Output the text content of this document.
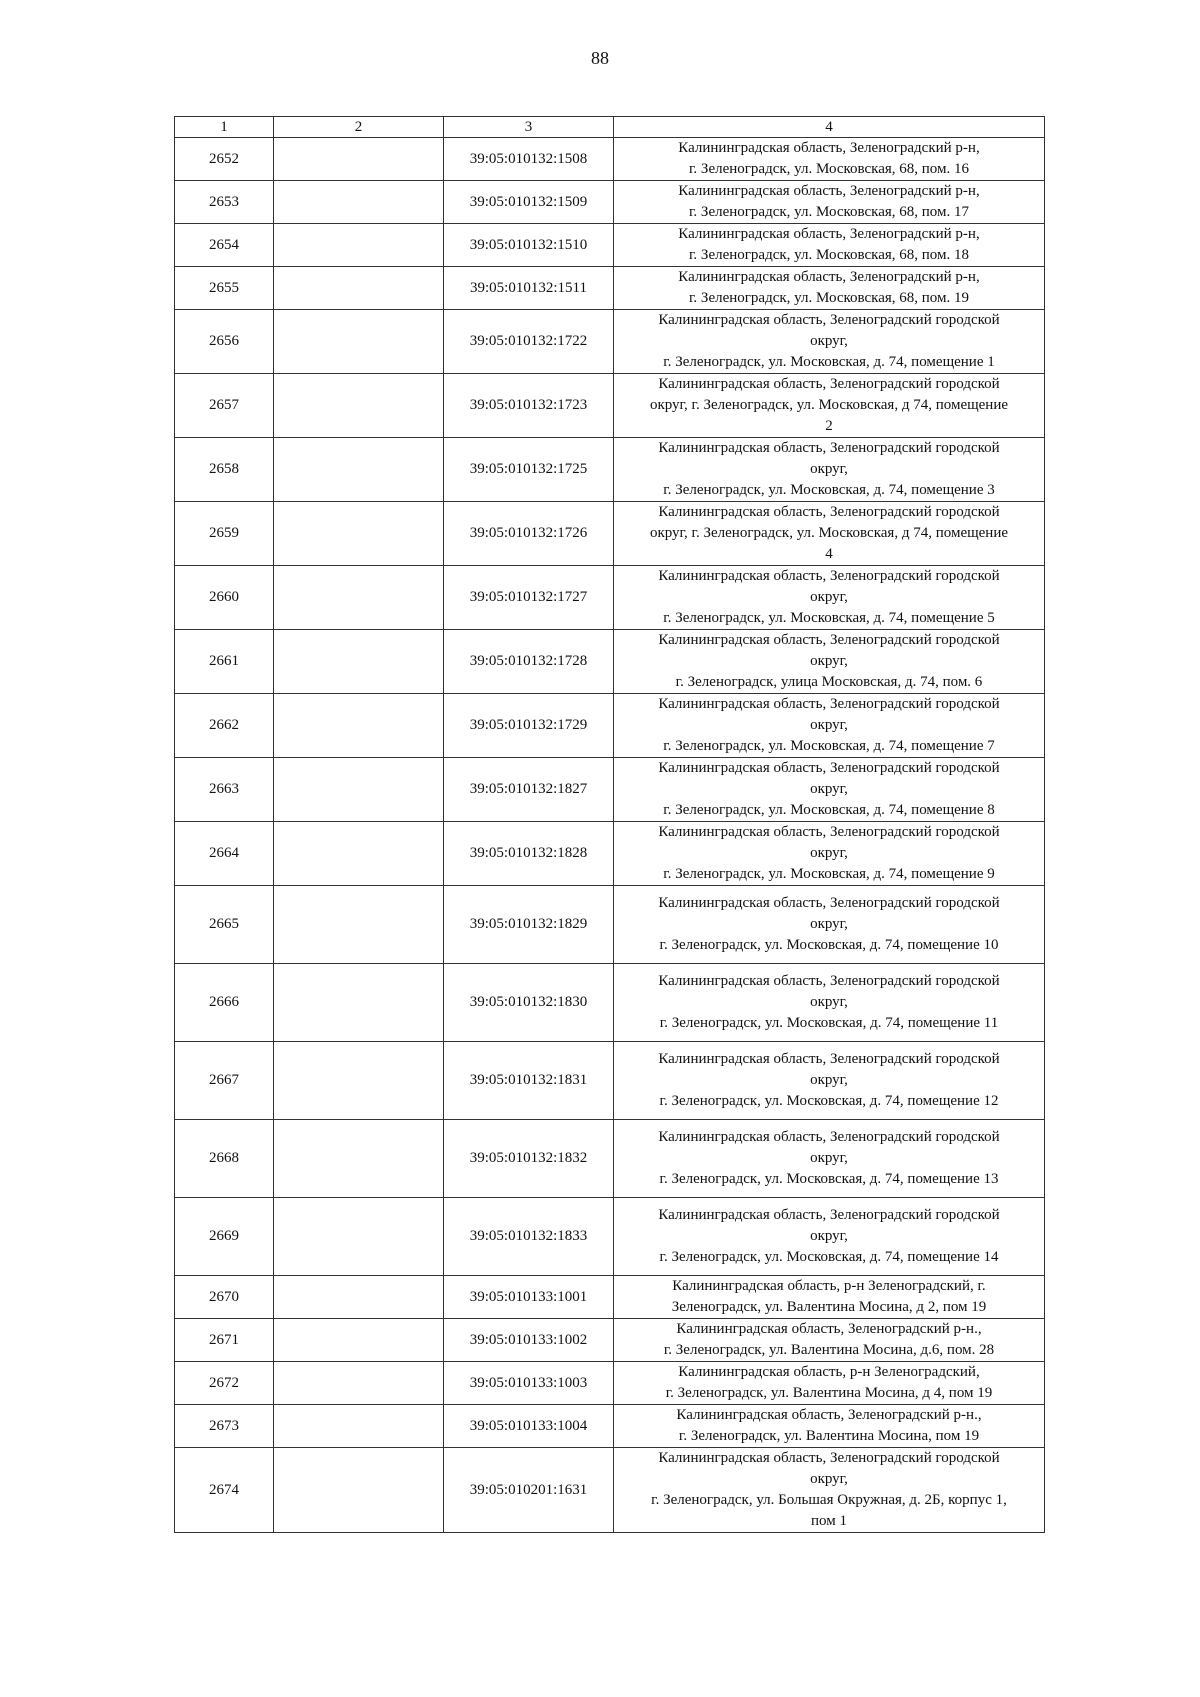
88
1	2	3	4
2652		39:05:010132:1508	Калининградская область, Зеленоградский р-н,
г. Зеленоградск, ул. Московская, 68, пом. 16

2653		39:05:010132:1509	Калининградская область, Зеленоградский р-н,
г. Зеленоградск, ул. Московская, 68, пом. 17

2654		39:05:010132:1510	Калининградская область, Зеленоградский р-н,
г. Зеленоградск, ул. Московская, 68, пом. 18

2655		39:05:010132:1511	Калининградская область, Зеленоградский р-н,
г. Зеленоградск, ул. Московская, 68, пом. 19

2656		39:05:010132:1722	Калининградская область, Зеленоградский городской
округ,
г. Зеленоградск, ул. Московская, д. 74, помещение 1

2657		39:05:010132:1723	Калининградская область, Зеленоградский городской
округ, г. Зеленоградск, ул. Московская, д 74, помещение
2

2658		39:05:010132:1725	Калининградская область, Зеленоградский городской
округ,
г. Зеленоградск, ул. Московская, д. 74, помещение 3

2659		39:05:010132:1726	Калининградская область, Зеленоградский городской
округ, г. Зеленоградск, ул. Московская, д 74, помещение
4

2660		39:05:010132:1727	Калининградская область, Зеленоградский городской
округ,
г. Зеленоградск, ул. Московская, д. 74, помещение 5

2661		39:05:010132:1728	Калининградская область, Зеленоградский городской
округ,
г. Зеленоградск, улица Московская, д. 74, пом. 6

2662		39:05:010132:1729	Калининградская область, Зеленоградский городской
округ,
г. Зеленоградск, ул. Московская, д. 74, помещение 7

2663		39:05:010132:1827	Калининградская область, Зеленоградский городской
округ,
г. Зеленоградск, ул. Московская, д. 74, помещение 8

2664		39:05:010132:1828	Калининградская область, Зеленоградский городской
округ,
г. Зеленоградск, ул. Московская, д. 74, помещение 9

2665		39:05:010132:1829	Калининградская область, Зеленоградский городской
округ,
г. Зеленоградск, ул. Московская, д. 74, помещение 10

2666		39:05:010132:1830	Калининградская область, Зеленоградский городской
округ,
г. Зеленоградск, ул. Московская, д. 74, помещение 11

2667		39:05:010132:1831	Калининградская область, Зеленоградский городской
округ,
г. Зеленоградск, ул. Московская, д. 74, помещение 12

2668		39:05:010132:1832	Калининградская область, Зеленоградский городской
округ,
г. Зеленоградск, ул. Московская, д. 74, помещение 13

2669		39:05:010132:1833	Калининградская область, Зеленоградский городской
округ,
г. Зеленоградск, ул. Московская, д. 74, помещение 14

2670		39:05:010133:1001	Калининградская область, р-н Зеленоградский, г.
Зеленоградск, ул. Валентина Мосина, д 2, пом 19

2671		39:05:010133:1002	Калининградская область, Зеленоградский р-н.,
г. Зеленоградск, ул. Валентина Мосина, д.6, пом. 28

2672		39:05:010133:1003	Калининградская область, р-н Зеленоградский,
г. Зеленоградск, ул. Валентина Мосина, д 4, пом 19

2673		39:05:010133:1004	Калининградская область, Зеленоградский р-н.,
г. Зеленоградск, ул. Валентина Мосина, пом 19

2674		39:05:010201:1631	Калининградская область, Зеленоградский городской
округ,
г. Зеленоградск, ул. Большая Окружная, д. 2Б, корпус 1,
пом 1
